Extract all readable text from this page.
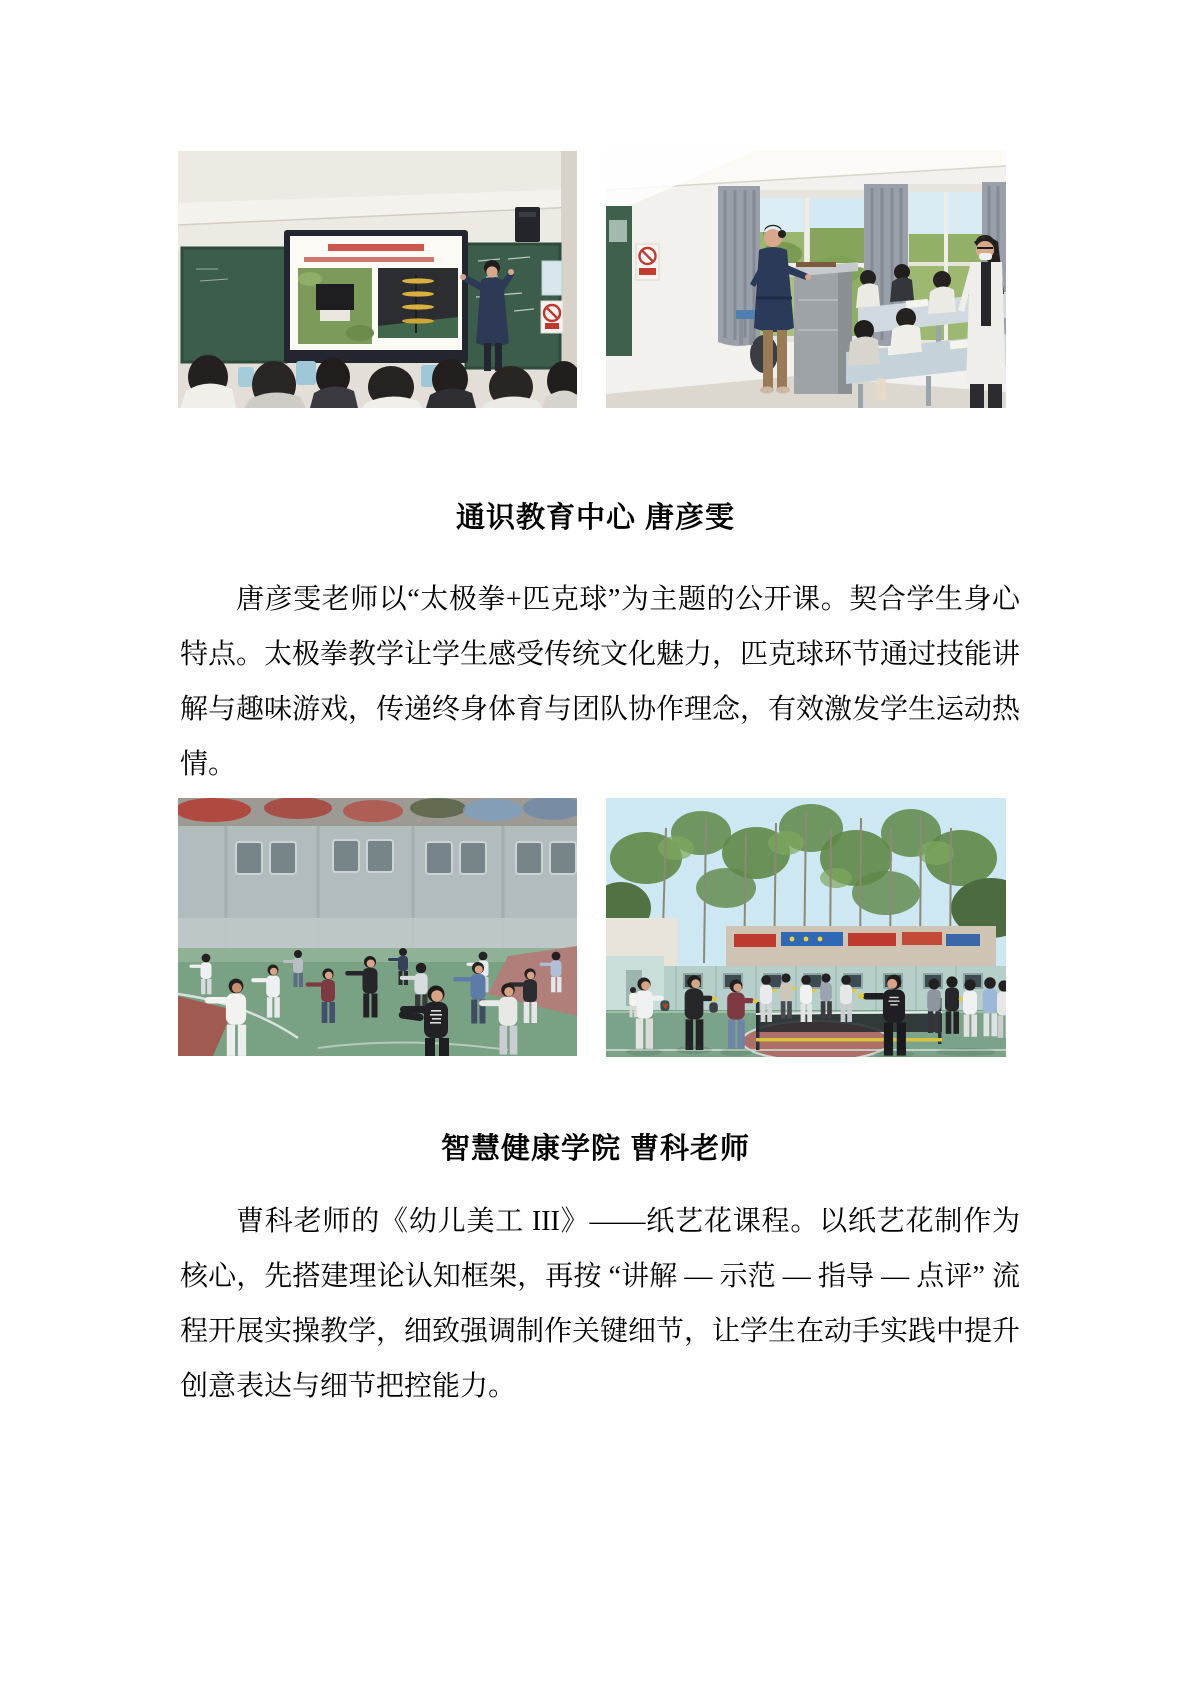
通识教育中心 唐彦雯
唐彦雯老师以“太极拳+匹克球”为主题的公开课。契合学生身心特点。太极拳教学让学生感受传统文化魅力，匹克球环节通过技能讲解与趣味游戏，传递终身体育与团队协作理念，有效激发学生运动热情。
智慧健康学院 曹科老师
曹科老师的《幼儿美工 III》——纸艺花课程。以纸艺花制作为核心，先搭建理论认知框架，再按 “讲解 — 示范 — 指导 — 点评” 流程开展实操教学，细致强调制作关键细节，让学生在动手实践中提升创意表达与细节把控能力。
